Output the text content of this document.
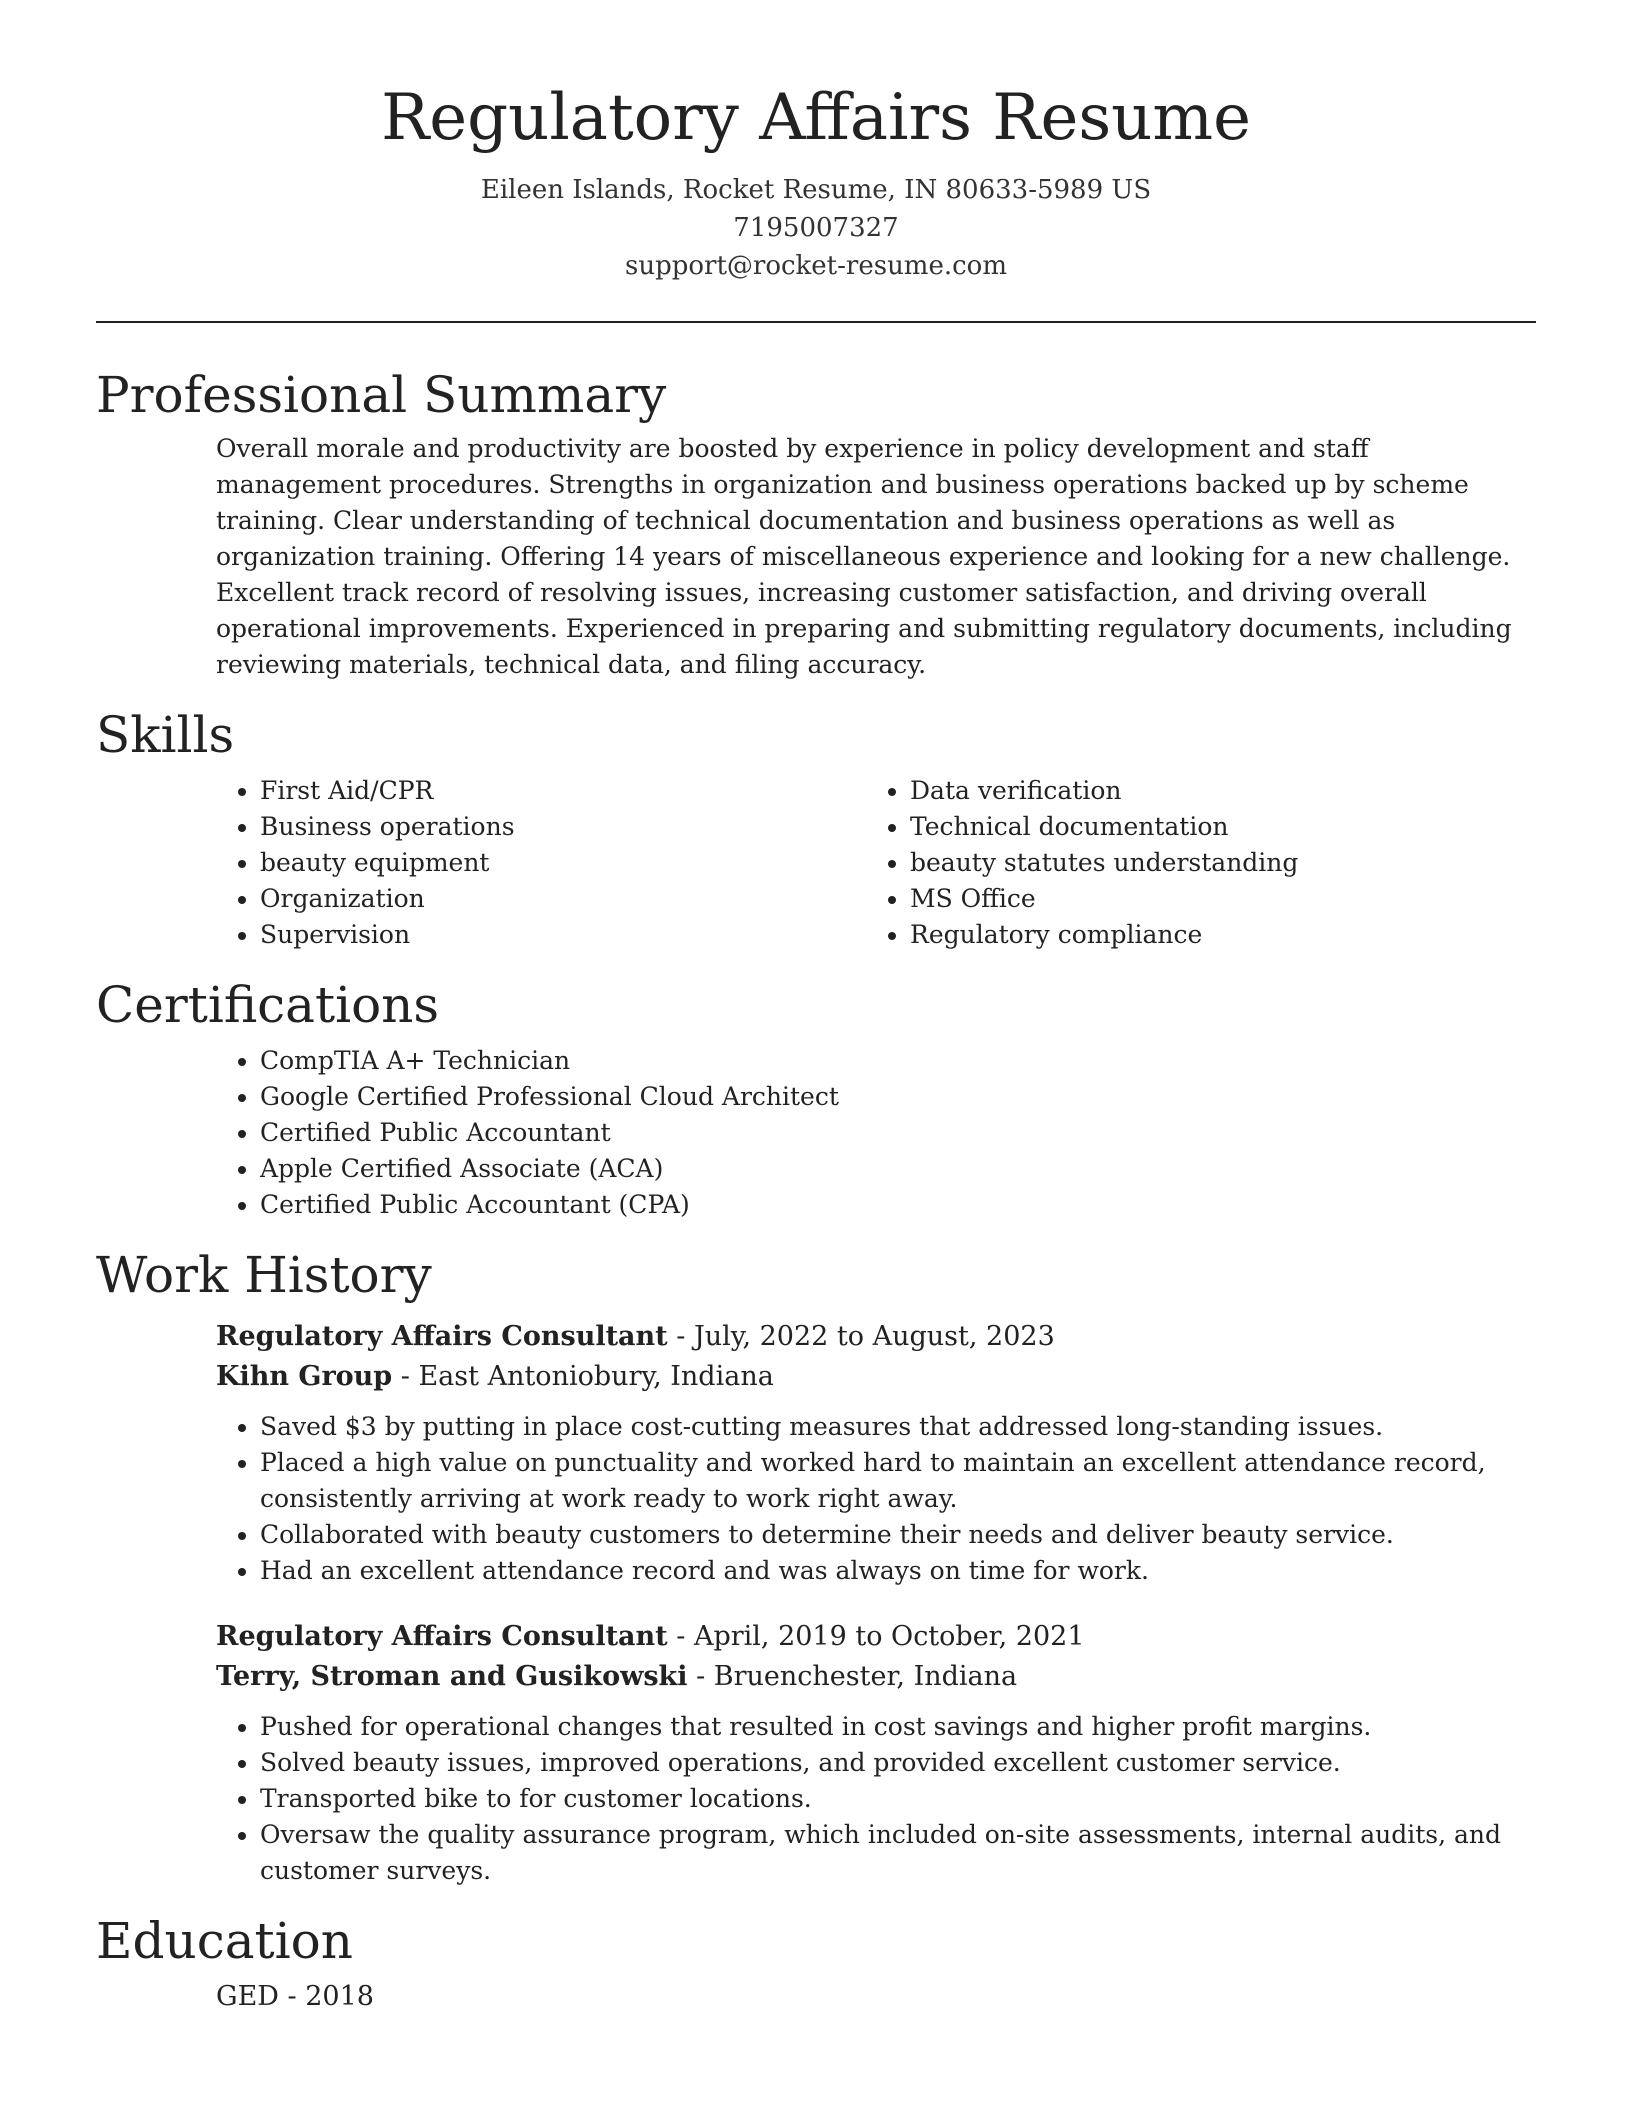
Regulatory Affairs Resume
Eileen Islands, Rocket Resume, IN 80633-5989 US
7195007327
support@rocket-resume.com
Professional Summary

Overall morale and productivity are boosted by experience in policy development and staff management procedures. Strengths in organization and business operations backed up by scheme training. Clear understanding of technical documentation and business operations as well as organization training. Offering 14 years of miscellaneous experience and looking for a new challenge. Excellent track record of resolving issues, increasing customer satisfaction, and driving overall operational improvements. Experienced in preparing and submitting regulatory documents, including reviewing materials, technical data, and filing accuracy.

Skills
• First Aid/CPR
• Business operations
• beauty equipment
• Organization
• Supervision
• Data verification
• Technical documentation
• beauty statutes understanding
• MS Office
• Regulatory compliance
Certifications
• CompTIA A+ Technician
• Google Certified Professional Cloud Architect
• Certified Public Accountant
• Apple Certified Associate (ACA)
• Certified Public Accountant (CPA)
Work History
Regulatory Affairs Consultant - July, 2022 to August, 2023
Kihn Group - East Antoniobury, Indiana
• Saved $3 by putting in place cost-cutting measures that addressed long-standing issues.
• Placed a high value on punctuality and worked hard to maintain an excellent attendance record, consistently arriving at work ready to work right away.
• Collaborated with beauty customers to determine their needs and deliver beauty service.
• Had an excellent attendance record and was always on time for work.
Regulatory Affairs Consultant - April, 2019 to October, 2021
Terry, Stroman and Gusikowski - Bruenchester, Indiana
• Pushed for operational changes that resulted in cost savings and higher profit margins.
• Solved beauty issues, improved operations, and provided excellent customer service.
• Transported bike to for customer locations.
• Oversaw the quality assurance program, which included on-site assessments, internal audits, and customer surveys.
Education
GED - 2018
